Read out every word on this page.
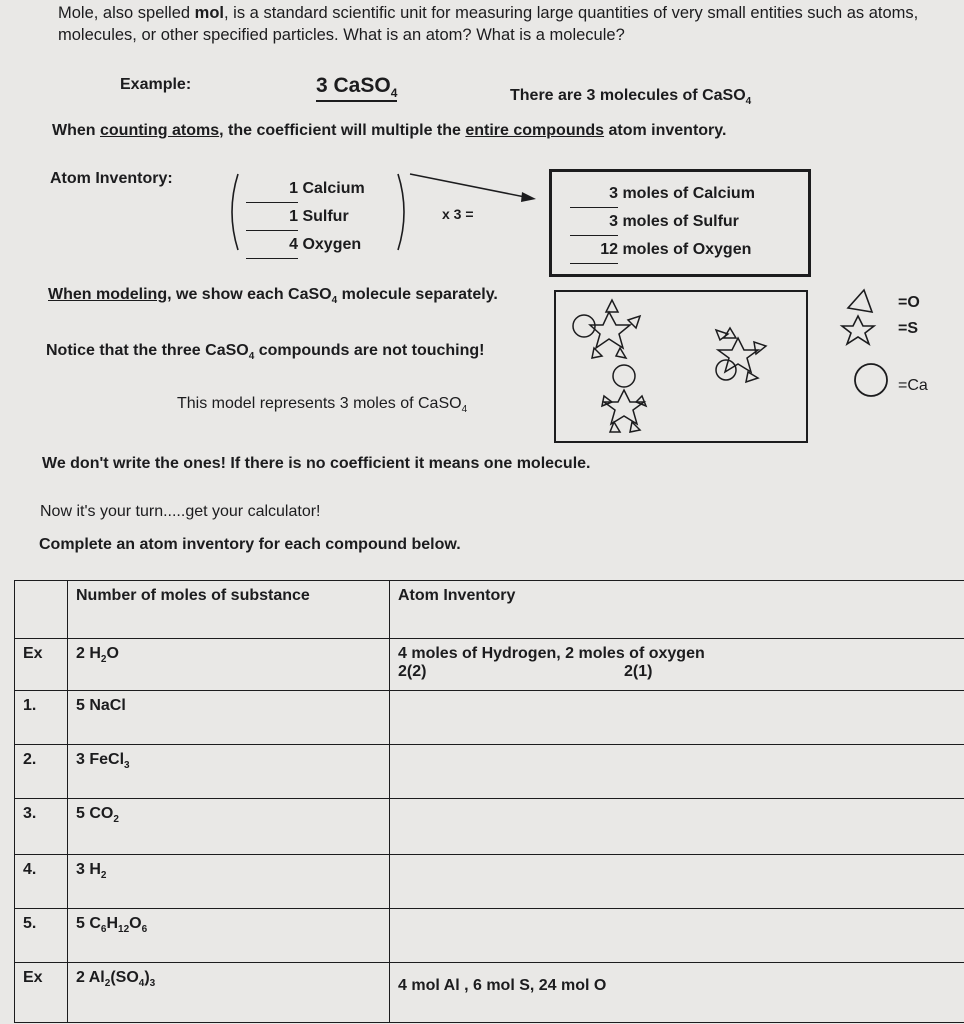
Mole, also spelled mol, is a standard scientific unit for measuring large quantities of very small entities such as atoms, molecules, or other specified particles. What is an atom? What is a molecule?
Example:	3 CaSO$_4$	There are 3 molecules of CaSO$_4$
When counting atoms, the coefficient will multiple the entire compounds atom inventory.
Atom Inventory:
1 Calcium
1 Sulfur
4 Oxygen
x 3 =
3 moles of Calcium
3 moles of Sulfur
12 moles of Oxygen
When modeling, we show each CaSO$_4$ molecule separately.
Notice that the three CaSO$_4$ compounds are not touching!
This model represents 3 moles of CaSO$_4$
=O
=S
=Ca
We don't write the ones! If there is no coefficient it means one molecule.
Now it's your turn.....get your calculator!
Complete an atom inventory for each compound below.
	Number of moles of substance	Atom Inventory
Ex	2 $H_2O$	4 moles of Hydrogen, 2 moles of oxygen
2(2) 2(1)

1.	5 NaCl	
2.	3 FeCl$_3$	
3.	5 $CO_2$	
4.	3 $H_2$	
5.	5 $C_6H_{12}O_6$	
Ex	2 $Al_2(SO_4)_3$	4 mol Al , 6 mol S, 24 mol O
